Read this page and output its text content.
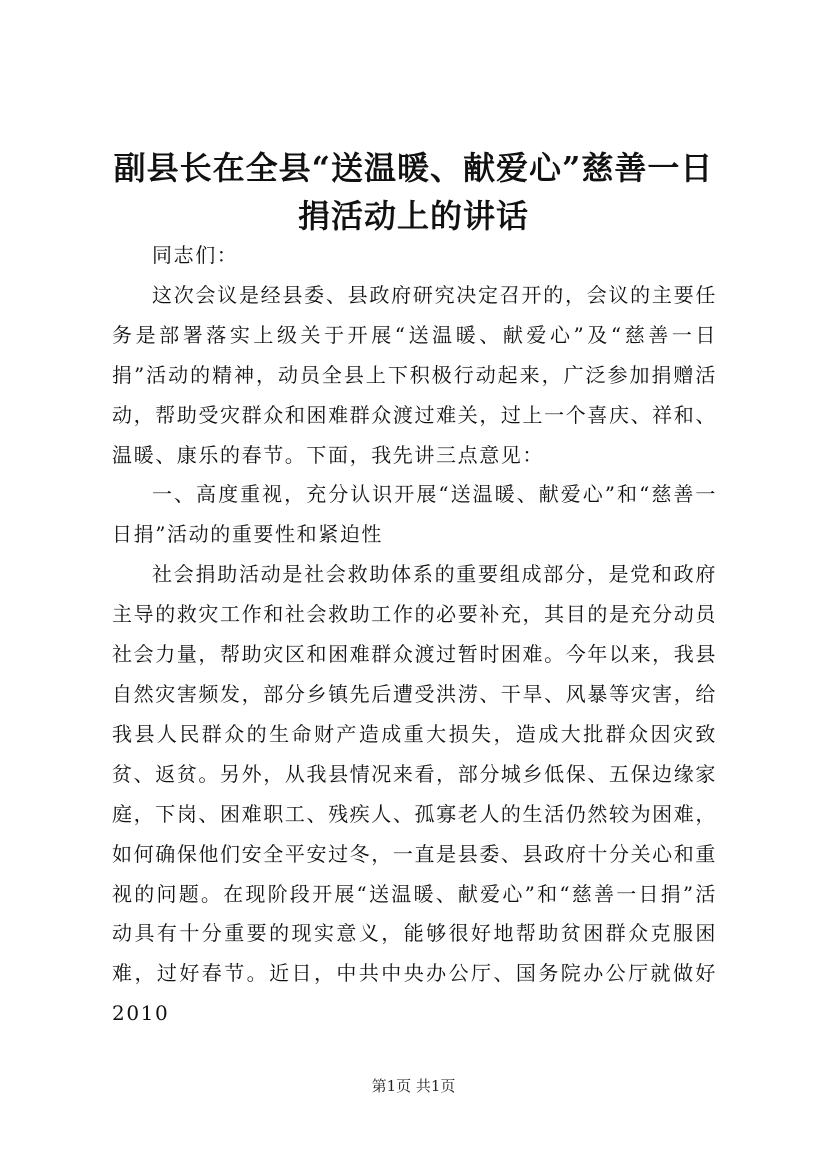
副县长在全县“送温暖、献爱心”慈善一日捐活动上的讲话

同志们：

这次会议是经县委、县政府研究决定召开的，会议的主要任务是部署落实上级关于开展“送温暖、献爱心”及“慈善一日捐”活动的精神，动员全县上下积极行动起来，广泛参加捐赠活动，帮助受灾群众和困难群众渡过难关，过上一个喜庆、祥和、温暖、康乐的春节。下面，我先讲三点意见：

一、高度重视，充分认识开展“送温暖、献爱心”和“慈善一日捐”活动的重要性和紧迫性

社会捐助活动是社会救助体系的重要组成部分，是党和政府主导的救灾工作和社会救助工作的必要补充，其目的是充分动员社会力量，帮助灾区和困难群众渡过暂时困难。今年以来，我县自然灾害频发，部分乡镇先后遭受洪涝、干旱、风暴等灾害，给我县人民群众的生命财产造成重大损失，造成大批群众因灾致贫、返贫。另外，从我县情况来看，部分城乡低保、五保边缘家庭，下岗、困难职工、残疾人、孤寡老人的生活仍然较为困难，如何确保他们安全平安过冬，一直是县委、县政府十分关心和重视的问题。在现阶段开展“送温暖、献爱心”和“慈善一日捐”活动具有十分重要的现实意义，能够很好地帮助贫困群众克服困难，过好春节。近日，中共中央办公厅、国务院办公厅就做好2010

第1页 共1页
